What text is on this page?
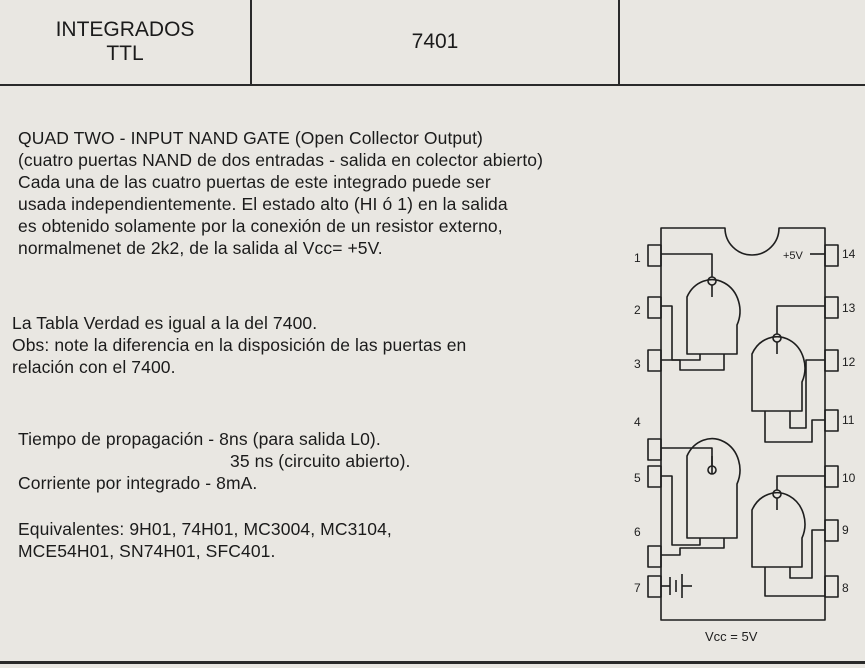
INTEGRADOS
TTL
7401
QUAD TWO - INPUT NAND GATE (Open Collector Output)
(cuatro puertas NAND de dos entradas - salida en colector abierto)
Cada una de las cuatro puertas de este integrado puede ser
usada independientemente. El estado alto (HI ó 1) en la salida
es obtenido solamente por la conexión de un resistor externo,
normalmenet de 2k2, de la salida al Vcc= +5V.
La Tabla Verdad es igual a la del 7400.
Obs: note la diferencia en la disposición de las puertas en
relación con el 7400.
Tiempo de propagación - 8ns (para salida L0).
35 ns (circuito abierto).
Corriente por integrado - 8mA.
Equivalentes: 9H01, 74H01, MC3004, MC3104,
MCE54H01, SN74H01, SFC401.
1
2
3
4
5
6
7
14
13
12
11
10
9
8
+5V
Vcc = 5V
